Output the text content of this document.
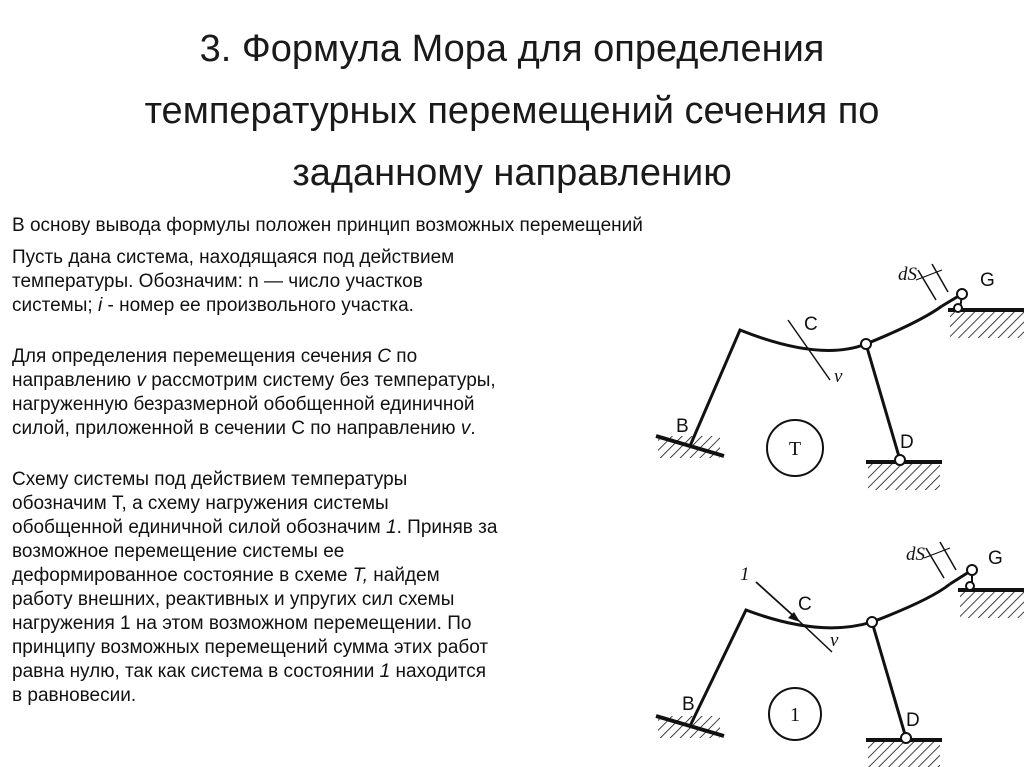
3. Формула Мора для определения
температурных перемещений сечения по
заданному направлению
В основу вывода формулы положен принцип возможных перемещений
Пусть дана система, находящаяся под действием
температуры. Обозначим: n — число участков
системы; i - номер ее произвольного участка.
Для определения перемещения сечения С по
направлению v рассмотрим систему без температуры,
нагруженную безразмерной обобщенной единичной
силой, приложенной в сечении С по направлению v.
Схему системы под действием температуры
обозначим Т, а схему нагружения системы
обобщенной единичной силой обозначим 1. Приняв за
возможное перемещение системы ее
деформированное состояние в схеме Т, найдем
работу внешних, реактивных и упругих сил схемы
нагружения 1 на этом возможном перемещении. По
принципу возможных перемещений сумма этих работ
равна нулю, так как система в состоянии 1 находится
в равновесии.
dS	G
C
v
B
D
T
dS	G
1
C
v
B
D
1
